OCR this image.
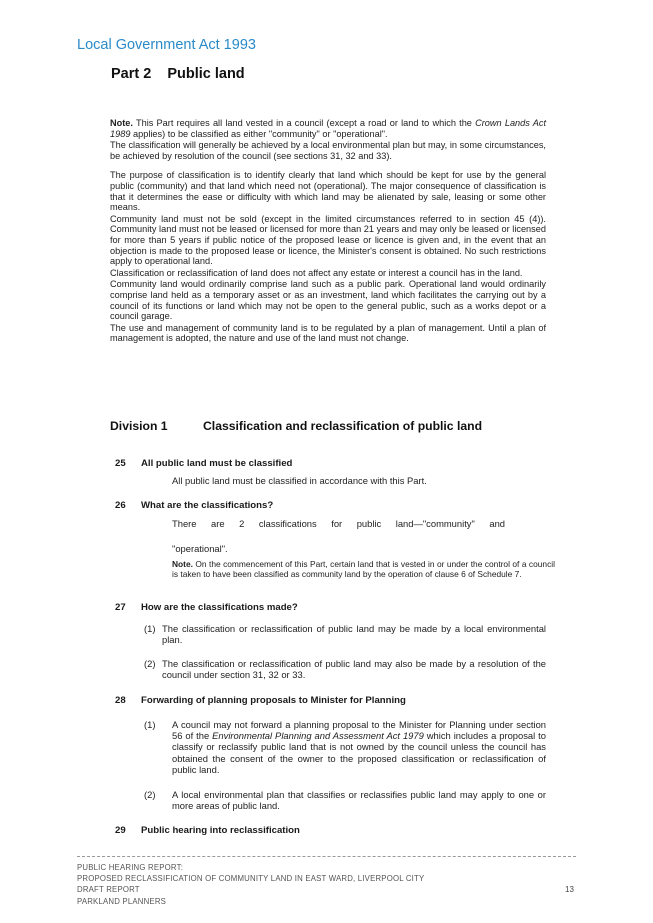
Local Government Act 1993
Part 2 Public land

Note. This Part requires all land vested in a council (except a road or land to which the Crown Lands Act 1989 applies) to be classified as either "community" or "operational".

The classification will generally be achieved by a local environmental plan but may, in some circumstances, be achieved by resolution of the council (see sections 31, 32 and 33).

The purpose of classification is to identify clearly that land which should be kept for use by the general public (community) and that land which need not (operational). The major consequence of classification is that it determines the ease or difficulty with which land may be alienated by sale, leasing or some other means.

Community land must not be sold (except in the limited circumstances referred to in section 45 (4)). Community land must not be leased or licensed for more than 21 years and may only be leased or licensed for more than 5 years if public notice of the proposed lease or licence is given and, in the event that an objection is made to the proposed lease or licence, the Minister's consent is obtained. No such restrictions apply to operational land.

Classification or reclassification of land does not affect any estate or interest a council has in the land.

Community land would ordinarily comprise land such as a public park. Operational land would ordinarily comprise land held as a temporary asset or as an investment, land which facilitates the carrying out by a council of its functions or land which may not be open to the general public, such as a works depot or a council garage.

The use and management of community land is to be regulated by a plan of management. Until a plan of management is adopted, the nature and use of the land must not change.

Division 1	Classification and reclassification of public land
25 All public land must be classified
All public land must be classified in accordance with this Part.
26 What are the classifications?
There are 2 classifications for public land—"community" and
"operational".
Note. On the commencement of this Part, certain land that is vested in or under the control of a council is taken to have been classified as community land by the operation of clause 6 of Schedule 7.
27 How are the classifications made?
(1) The classification or reclassification of public land may be made by a local environmental plan.
(2) The classification or reclassification of public land may also be made by a resolution of the council under section 31, 32 or 33.
28 Forwarding of planning proposals to Minister for Planning
(1) A council may not forward a planning proposal to the Minister for Planning under section 56 of the Environmental Planning and Assessment Act 1979 which includes a proposal to classify or reclassify public land that is not owned by the council unless the council has obtained the consent of the owner to the proposed classification or reclassification of public land.
(2) A local environmental plan that classifies or reclassifies public land may apply to one or more areas of public land.
29 Public hearing into reclassification
PUBLIC HEARING REPORT:
PROPOSED RECLASSIFICATION OF COMMUNITY LAND IN EAST WARD, LIVERPOOL CITY
DRAFT REPORT
PARKLAND PLANNERS
13
